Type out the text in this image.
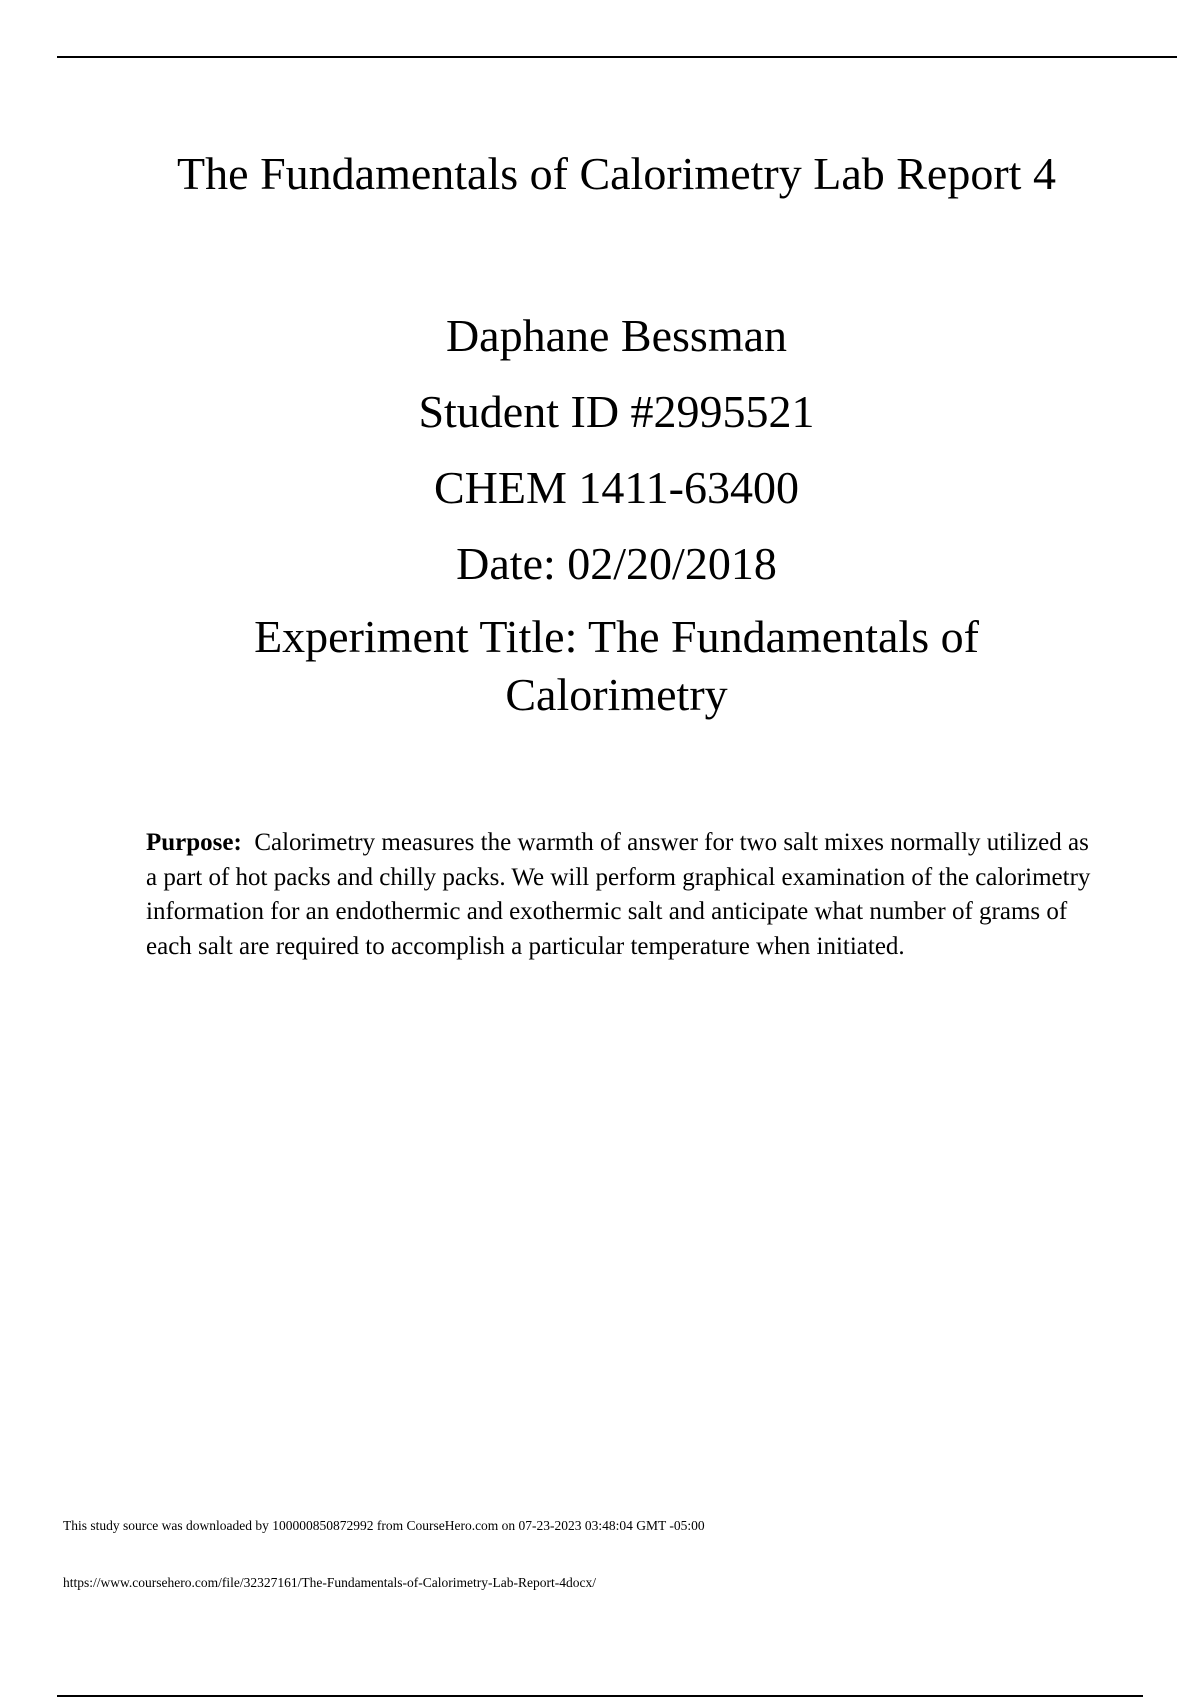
The Fundamentals of Calorimetry Lab Report 4
Daphane Bessman
Student ID #2995521
CHEM 1411-63400
Date: 02/20/2018
Experiment Title: The Fundamentals of Calorimetry

Purpose: Calorimetry measures the warmth of answer for two salt mixes normally utilized as a part of hot packs and chilly packs. We will perform graphical examination of the calorimetry information for an endothermic and exothermic salt and anticipate what number of grams of each salt are required to accomplish a particular temperature when initiated.

This study source was downloaded by 100000850872992 from CourseHero.com on 07-23-2023 03:48:04 GMT -05:00
https://www.coursehero.com/file/32327161/The-Fundamentals-of-Calorimetry-Lab-Report-4docx/
